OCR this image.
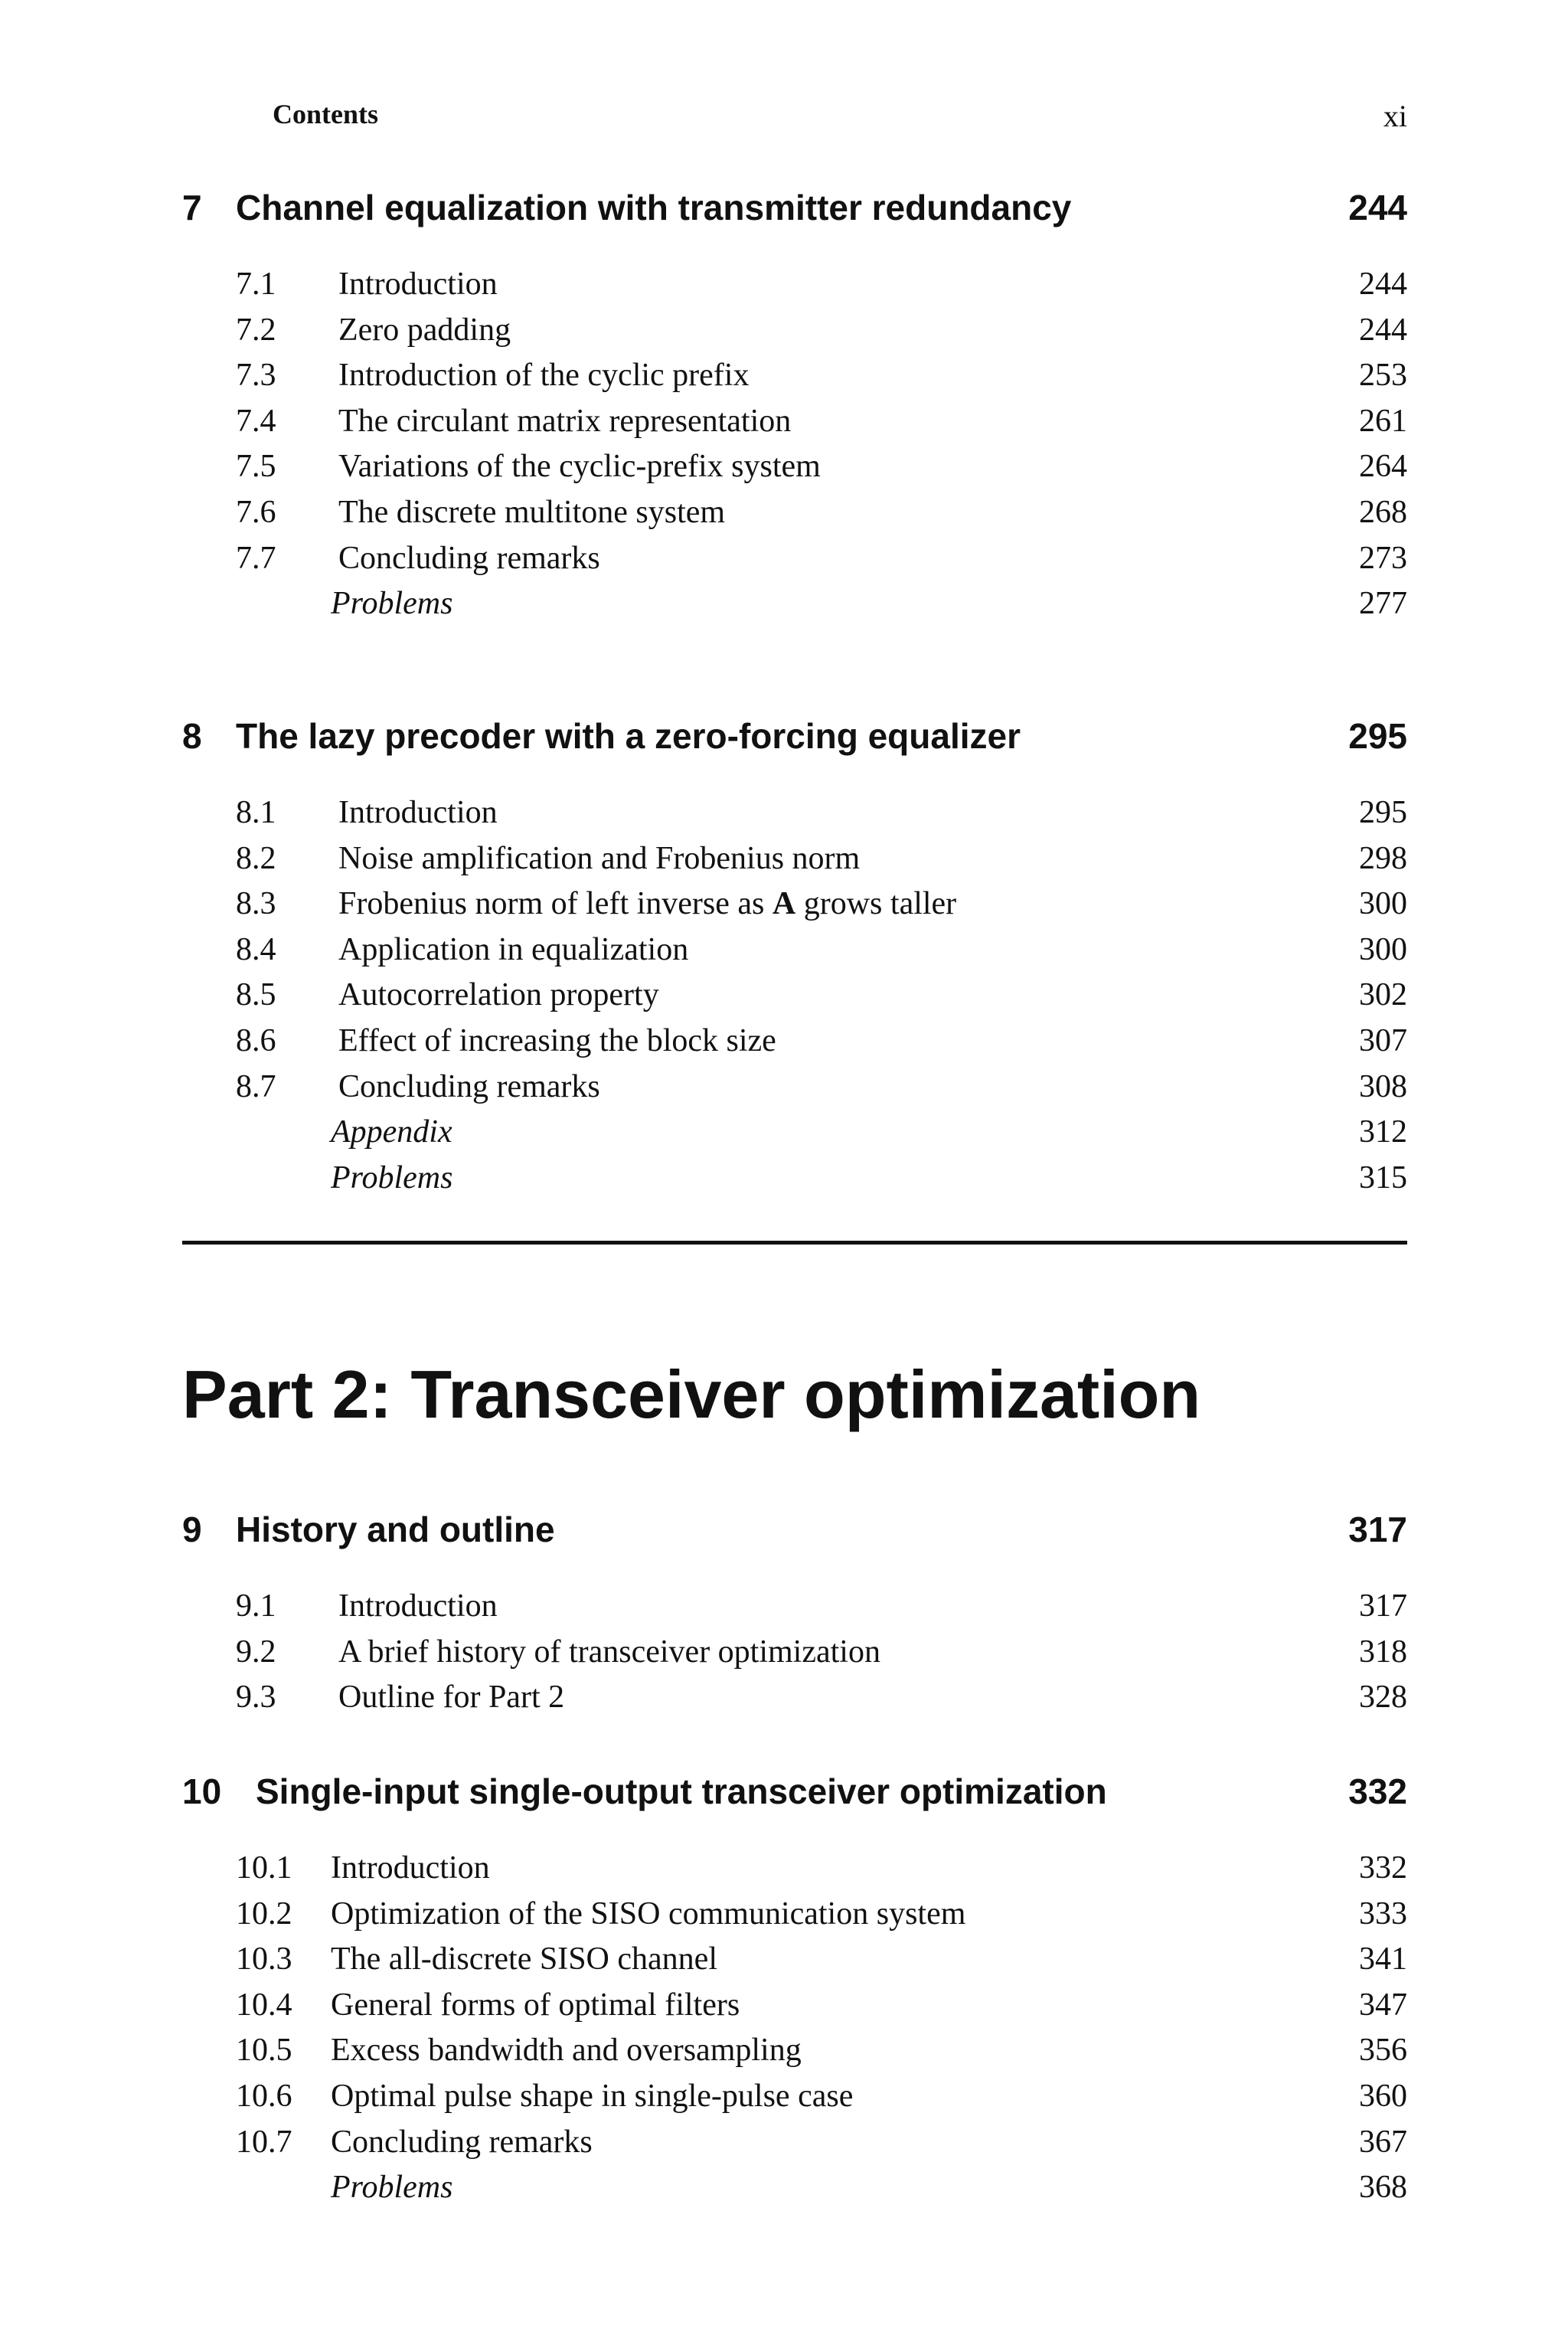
Contents	xi
7 Channel equalization with transmitter redundancy	244
7.1 Introduction	244
7.2 Zero padding	244
7.3 Introduction of the cyclic prefix	253
7.4 The circulant matrix representation	261
7.5 Variations of the cyclic-prefix system	264
7.6 The discrete multitone system	268
7.7 Concluding remarks	273
Problems	277
8 The lazy precoder with a zero-forcing equalizer	295
8.1 Introduction	295
8.2 Noise amplification and Frobenius norm	298
8.3 Frobenius norm of left inverse as A grows taller	300
8.4 Application in equalization	300
8.5 Autocorrelation property	302
8.6 Effect of increasing the block size	307
8.7 Concluding remarks	308
Appendix	312
Problems	315
Part 2: Transceiver optimization
9 History and outline	317
9.1 Introduction	317
9.2 A brief history of transceiver optimization	318
9.3 Outline for Part 2	328
10 Single-input single-output transceiver optimization	332
10.1 Introduction	332
10.2 Optimization of the SISO communication system	333
10.3 The all-discrete SISO channel	341
10.4 General forms of optimal filters	347
10.5 Excess bandwidth and oversampling	356
10.6 Optimal pulse shape in single-pulse case	360
10.7 Concluding remarks	367
Problems	368
